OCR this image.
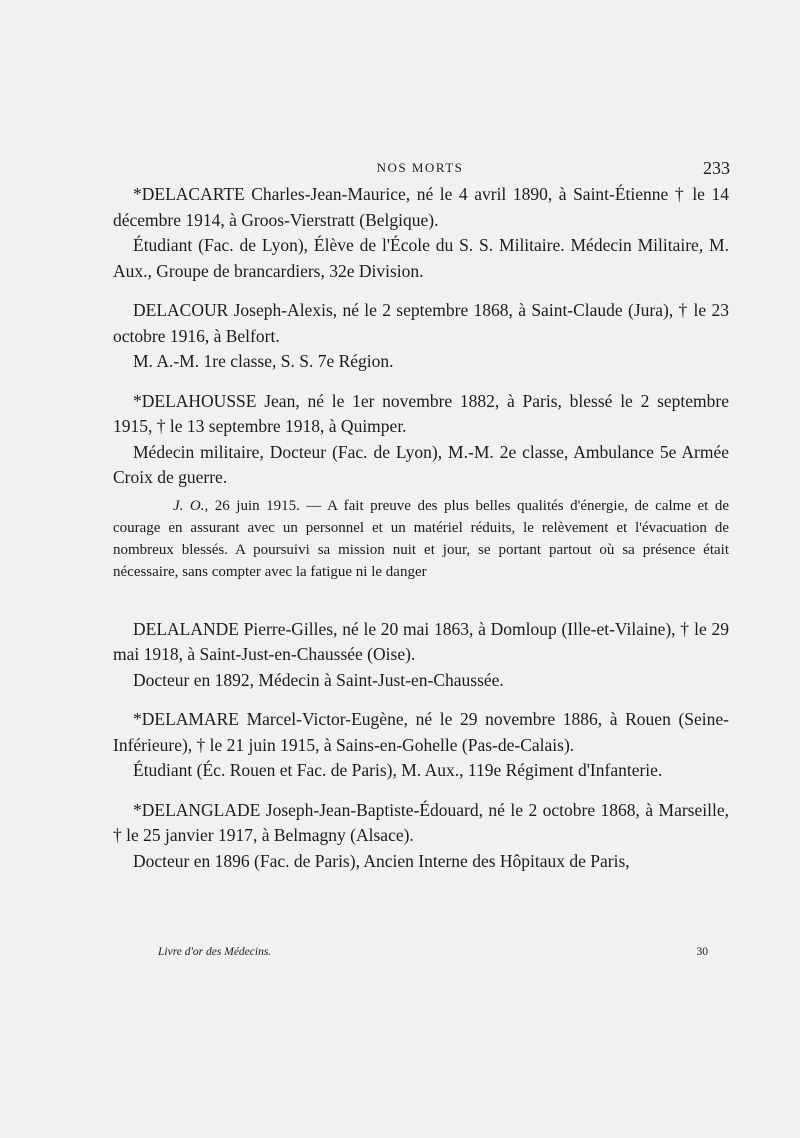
NOS MORTS	233

*DELACARTE Charles-Jean-Maurice, né le 4 avril 1890, à Saint-Étienne † le 14 décembre 1914, à Groos-Vierstratt (Belgique).

Étudiant (Fac. de Lyon), Élève de l'École du S. S. Militaire. Médecin Militaire, M. Aux., Groupe de brancardiers, 32e Division.

DELACOUR Joseph-Alexis, né le 2 septembre 1868, à Saint-Claude (Jura), † le 23 octobre 1916, à Belfort.

M. A.-M. 1re classe, S. S. 7e Région.

*DELAHOUSSE Jean, né le 1er novembre 1882, à Paris, blessé le 2 septembre 1915, † le 13 septembre 1918, à Quimper.

Médecin militaire, Docteur (Fac. de Lyon), M.-M. 2e classe, Ambulance 5e Armée Croix de guerre.

J. O., 26 juin 1915. — A fait preuve des plus belles qualités d'énergie, de calme et de courage en assurant avec un personnel et un matériel réduits, le relèvement et l'évacuation de nombreux blessés. A poursuivi sa mission nuit et jour, se portant partout où sa présence était nécessaire, sans compter avec la fatigue ni le danger

DELALANDE Pierre-Gilles, né le 20 mai 1863, à Domloup (Ille-et-Vilaine), † le 29 mai 1918, à Saint-Just-en-Chaussée (Oise).

Docteur en 1892, Médecin à Saint-Just-en-Chaussée.

*DELAMARE Marcel-Victor-Eugène, né le 29 novembre 1886, à Rouen (Seine-Inférieure), † le 21 juin 1915, à Sains-en-Gohelle (Pas-de-Calais).

Étudiant (Éc. Rouen et Fac. de Paris), M. Aux., 119e Régiment d'Infanterie.

*DELANGLADE Joseph-Jean-Baptiste-Édouard, né le 2 octobre 1868, à Marseille, † le 25 janvier 1917, à Belmagny (Alsace).

Docteur en 1896 (Fac. de Paris), Ancien Interne des Hôpitaux de Paris,

Livre d'or des Médecins.	30
